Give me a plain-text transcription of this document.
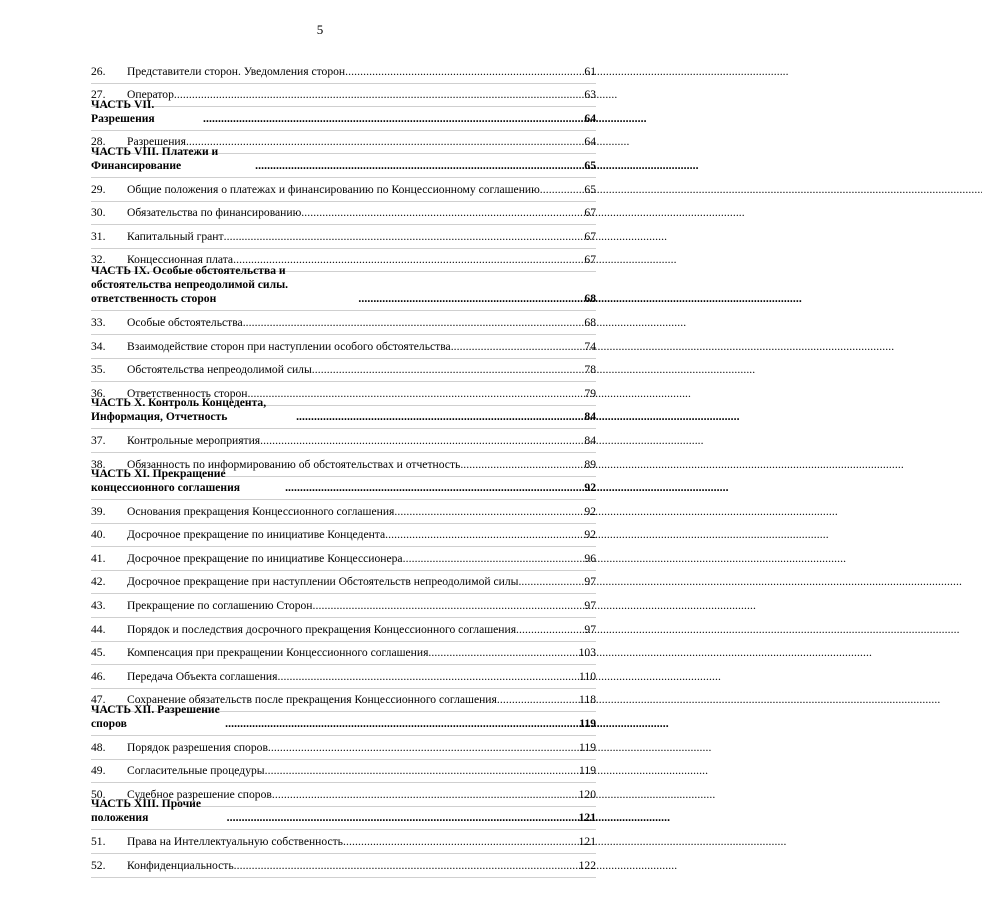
5
26.	Представители сторон. Уведомления сторон . . .	61
27.	Оператор . . .	63
ЧАСТЬ VII. Разрешения . . .	64
28.	Разрешения . . .	64
ЧАСТЬ VIII. Платежи и Финансирование . . .	65
29.	Общие положения о платежах и финансированию по Концессионному соглашению . . .	65
30.	Обязательства по финансированию . . .	67
31.	Капитальный грант . . .	67
32.	Концессионная плата . . .	67
ЧАСТЬ IX. Особые обстоятельства и обстоятельства непреодолимой силы. ответственность сторон . . .	68
33.	Особые обстоятельства . . .	68
34.	Взаимодействие сторон при наступлении особого обстоятельства . . .	74
35.	Обстоятельства непреодолимой силы . . .	78
36.	Ответственность сторон . . .	79
ЧАСТЬ X. Контроль Концедента, Информация, Отчетность . . .	84
37.	Контрольные мероприятия . . .	84
38.	Обязанность по информированию об обстоятельствах и отчетность . . .	89
ЧАСТЬ XI. Прекращение концессионного соглашения . . .	92
39.	Основания прекращения Концессионного соглашения . . .	92
40.	Досрочное прекращение по инициативе Концедента . . .	92
41.	Досрочное прекращение по инициативе Концессионера . . .	96
42.	Досрочное прекращение при наступлении Обстоятельств непреодолимой силы . . .	97
43.	Прекращение по соглашению Сторон . . .	97
44.	Порядок и последствия досрочного прекращения Концессионного соглашения . . .	97
45.	Компенсация при прекращении Концессионного соглашения . . .	103
46.	Передача Объекта соглашения . . .	110
47.	Сохранение обязательств после прекращения Концессионного соглашения . . .	118
ЧАСТЬ XII. Разрешение споров . . .	119
48.	Порядок разрешения споров . . .	119
49.	Согласительные процедуры . . .	119
50.	Судебное разрешение споров . . .	120
ЧАСТЬ XIII. Прочие положения . . .	121
51.	Права на Интеллектуальную собственность . . .	121
52.	Конфиденциальность . . .	122
